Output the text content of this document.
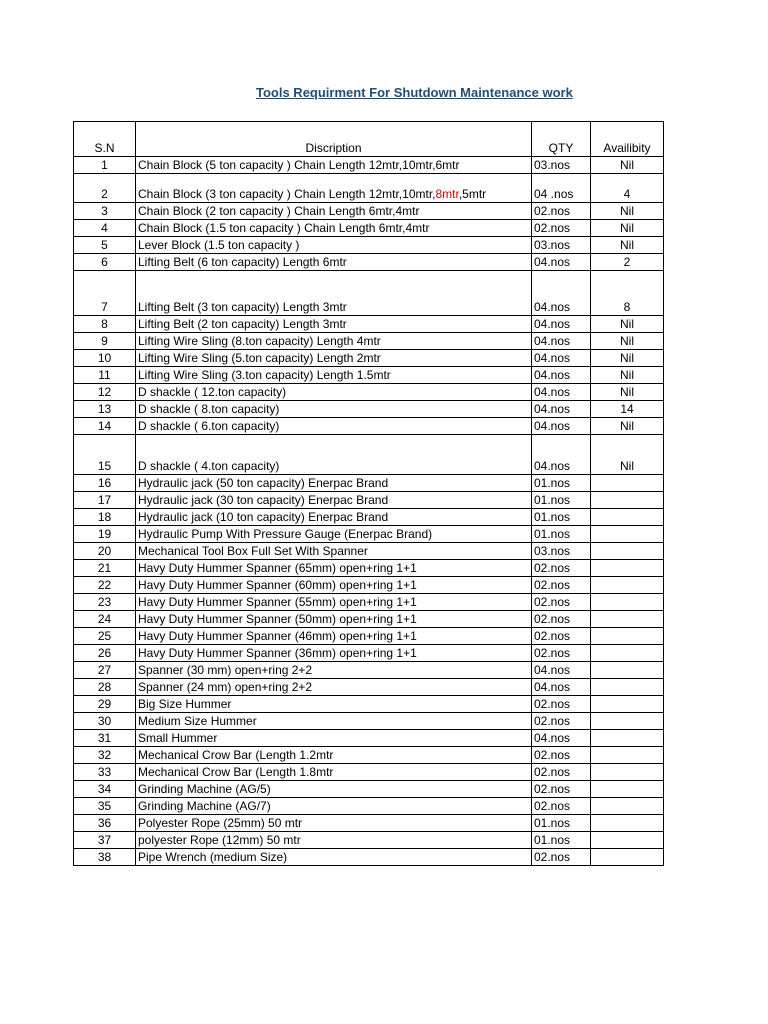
Tools Requirment For Shutdown Maintenance work
S.N	Discription	QTY	Availibity
1	Chain Block (5 ton capacity ) Chain Length 12mtr,10mtr,6mtr	03.nos	Nil
2	Chain Block (3 ton capacity ) Chain Length 12mtr,10mtr,8mtr,5mtr	04 .nos	4
3	Chain Block (2 ton capacity ) Chain Length 6mtr,4mtr	02.nos	Nil
4	Chain Block (1.5 ton capacity ) Chain Length 6mtr,4mtr	02.nos	Nil
5	Lever Block (1.5 ton capacity )	03.nos	Nil
6	Lifting Belt (6 ton capacity) Length 6mtr	04.nos	2
7	Lifting Belt (3 ton capacity) Length 3mtr	04.nos	8
8	Lifting Belt (2 ton capacity) Length 3mtr	04.nos	Nil
9	Lifting Wire Sling (8.ton capacity) Length 4mtr	04.nos	Nil
10	Lifting Wire Sling (5.ton capacity) Length 2mtr	04.nos	Nil
11	Lifting Wire Sling (3.ton capacity) Length 1.5mtr	04.nos	Nil
12	D shackle ( 12.ton capacity)	04.nos	Nil
13	D shackle ( 8.ton capacity)	04.nos	14
14	D shackle ( 6.ton capacity)	04.nos	Nil
15	D shackle ( 4.ton capacity)	04.nos	Nil
16	Hydraulic jack (50 ton capacity) Enerpac Brand	01.nos	
17	Hydraulic jack (30 ton capacity) Enerpac Brand	01.nos	
18	Hydraulic jack (10 ton capacity) Enerpac Brand	01.nos	
19	Hydraulic Pump With Pressure Gauge (Enerpac Brand)	01.nos	
20	Mechanical Tool Box Full Set With Spanner	03.nos	
21	Havy Duty Hummer Spanner (65mm) open+ring 1+1	02.nos	
22	Havy Duty Hummer Spanner (60mm) open+ring 1+1	02.nos	
23	Havy Duty Hummer Spanner (55mm) open+ring 1+1	02.nos	
24	Havy Duty Hummer Spanner (50mm) open+ring 1+1	02.nos	
25	Havy Duty Hummer Spanner (46mm) open+ring 1+1	02.nos	
26	Havy Duty Hummer Spanner (36mm) open+ring 1+1	02.nos	
27	Spanner (30 mm) open+ring 2+2	04.nos	
28	Spanner (24 mm) open+ring 2+2	04.nos	
29	Big Size Hummer	02.nos	
30	Medium Size Hummer	02.nos	
31	Small Hummer	04.nos	
32	Mechanical Crow Bar (Length 1.2mtr	02.nos	
33	Mechanical Crow Bar (Length 1.8mtr	02.nos	
34	Grinding Machine (AG/5)	02.nos	
35	Grinding Machine (AG/7)	02.nos	
36	Polyester Rope (25mm) 50 mtr	01.nos	
37	polyester Rope (12mm) 50 mtr	01.nos	
38	Pipe Wrench (medium Size)	02.nos	
